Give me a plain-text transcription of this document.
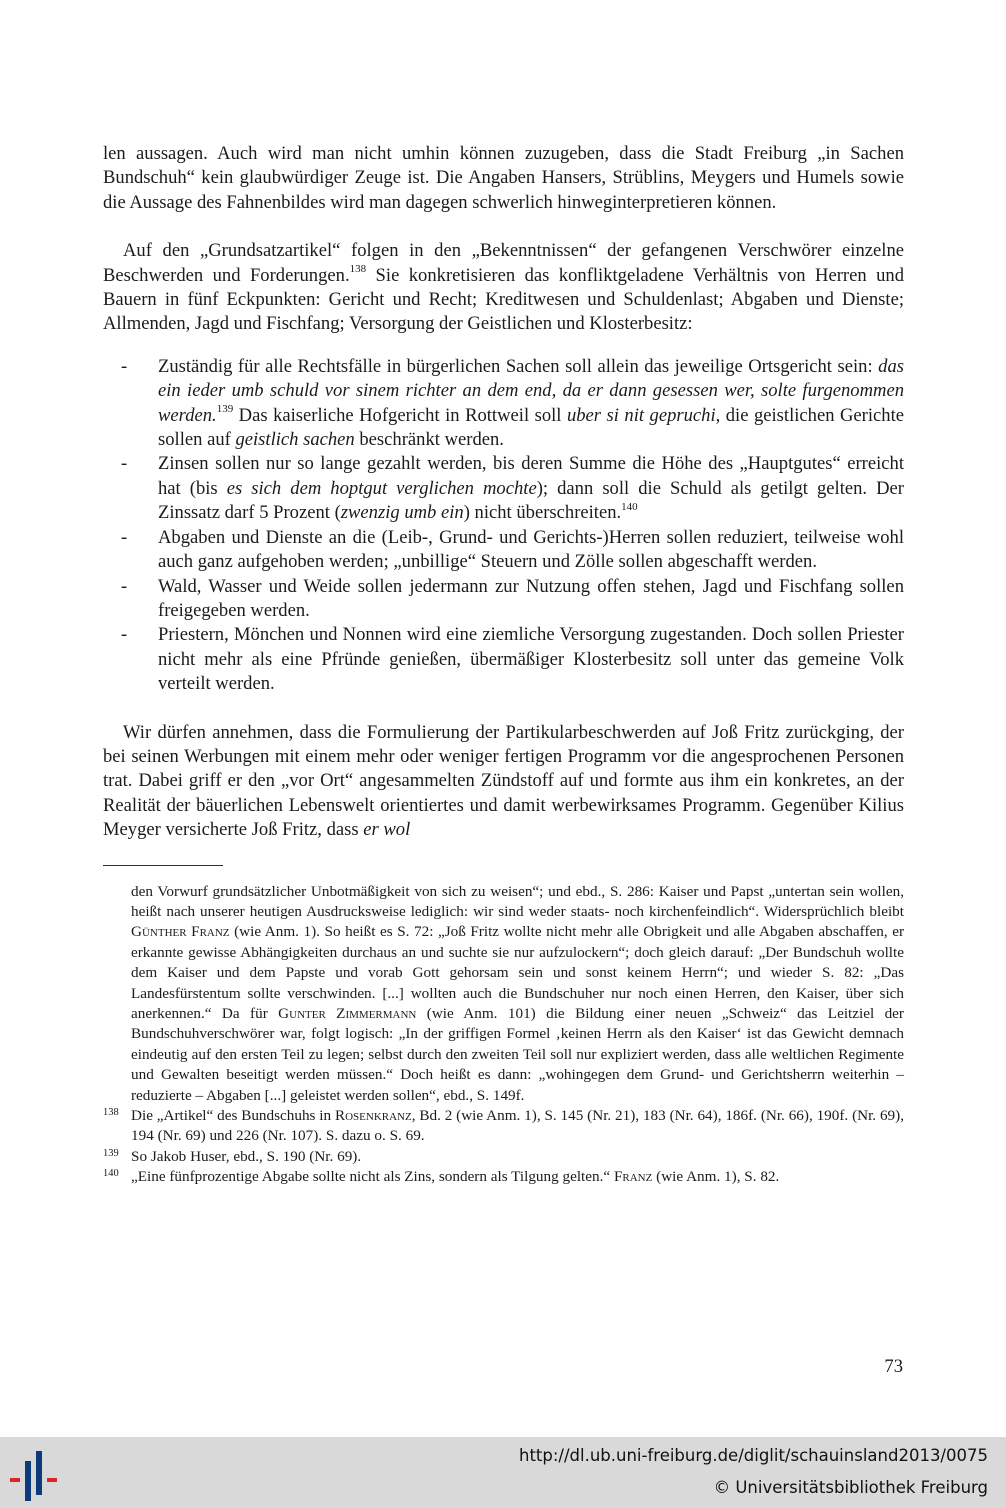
len aussagen. Auch wird man nicht umhin können zuzugeben, dass die Stadt Freiburg „in Sachen Bundschuh“ kein glaubwürdiger Zeuge ist. Die Angaben Hansers, Strüblins, Meygers und Humels sowie die Aussage des Fahnenbildes wird man dagegen schwerlich hinweginterpretieren können.

Auf den „Grundsatzartikel“ folgen in den „Bekenntnissen“ der gefangenen Verschwörer einzelne Beschwerden und Forderungen.$^{138}$ Sie konkretisieren das konfliktgeladene Verhältnis von Herren und Bauern in fünf Eckpunkten: Gericht und Recht; Kreditwesen und Schuldenlast; Abgaben und Dienste; Allmenden, Jagd und Fischfang; Versorgung der Geistlichen und Klosterbesitz:

- Zuständig für alle Rechtsfälle in bürgerlichen Sachen soll allein das jeweilige Ortsgericht sein: das ein ieder umb schuld vor sinem richter an dem end, da er dann gesessen wer, solte furgenommen werden.$^{139}$ Das kaiserliche Hofgericht in Rottweil soll uber si nit gepruchi, die geistlichen Gerichte sollen auf geistlich sachen beschränkt werden.
- Zinsen sollen nur so lange gezahlt werden, bis deren Summe die Höhe des „Hauptgutes“ erreicht hat (bis es sich dem hoptgut verglichen mochte); dann soll die Schuld als getilgt gelten. Der Zinssatz darf 5 Prozent (zwenzig umb ein) nicht überschreiten.$^{140}$
- Abgaben und Dienste an die (Leib-, Grund- und Gerichts-)Herren sollen reduziert, teilweise wohl auch ganz aufgehoben werden; „unbillige“ Steuern und Zölle sollen abgeschafft werden.
- Wald, Wasser und Weide sollen jedermann zur Nutzung offen stehen, Jagd und Fischfang sollen freigegeben werden.
- Priestern, Mönchen und Nonnen wird eine ziemliche Versorgung zugestanden. Doch sollen Priester nicht mehr als eine Pfründe genießen, übermäßiger Klosterbesitz soll unter das gemeine Volk verteilt werden.

Wir dürfen annehmen, dass die Formulierung der Partikularbeschwerden auf Joß Fritz zurückging, der bei seinen Werbungen mit einem mehr oder weniger fertigen Programm vor die angesprochenen Personen trat. Dabei griff er den „vor Ort“ angesammelten Zündstoff auf und formte aus ihm ein konkretes, an der Realität der bäuerlichen Lebenswelt orientiertes und damit werbewirksames Programm. Gegenüber Kilius Meyger versicherte Joß Fritz, dass er wol

den Vorwurf grundsätzlicher Unbotmäßigkeit von sich zu weisen“; und ebd., S. 286: Kaiser und Papst „untertan sein wollen, heißt nach unserer heutigen Ausdrucksweise lediglich: wir sind weder staats- noch kirchenfeindlich“. Widersprüchlich bleibt Günther Franz (wie Anm. 1). So heißt es S. 72: „Joß Fritz wollte nicht mehr alle Obrigkeit und alle Abgaben abschaffen, er erkannte gewisse Abhängigkeiten durchaus an und suchte sie nur aufzulockern“; doch gleich darauf: „Der Bundschuh wollte dem Kaiser und dem Papste und vorab Gott gehorsam sein und sonst keinem Herrn“; und wieder S. 82: „Das Landesfürstentum sollte verschwinden. [...] wollten auch die Bundschuher nur noch einen Herren, den Kaiser, über sich anerkennen.“ Da für Gunter Zimmermann (wie Anm. 101) die Bildung einer neuen „Schweiz“ das Leitziel der Bundschuhverschwörer war, folgt logisch: „In der griffigen Formel ‚keinen Herrn als den Kaiser‘ ist das Gewicht demnach eindeutig auf den ersten Teil zu legen; selbst durch den zweiten Teil soll nur expliziert werden, dass alle weltlichen Regimente und Gewalten beseitigt werden müssen.“ Doch heißt es dann: „wohingegen dem Grund- und Gerichtsherrn weiterhin – reduzierte – Abgaben [...] geleistet werden sollen“, ebd., S. 149f.
138 Die „Artikel“ des Bundschuhs in Rosenkranz, Bd. 2 (wie Anm. 1), S. 145 (Nr. 21), 183 (Nr. 64), 186f. (Nr. 66), 190f. (Nr. 69), 194 (Nr. 69) und 226 (Nr. 107). S. dazu o. S. 69.
139 So Jakob Huser, ebd., S. 190 (Nr. 69).
140 „Eine fünfprozentige Abgabe sollte nicht als Zins, sondern als Tilgung gelten.“ Franz (wie Anm. 1), S. 82.
73
http://dl.ub.uni-freiburg.de/diglit/schauinsland2013/0075
© Universitätsbibliothek Freiburg
